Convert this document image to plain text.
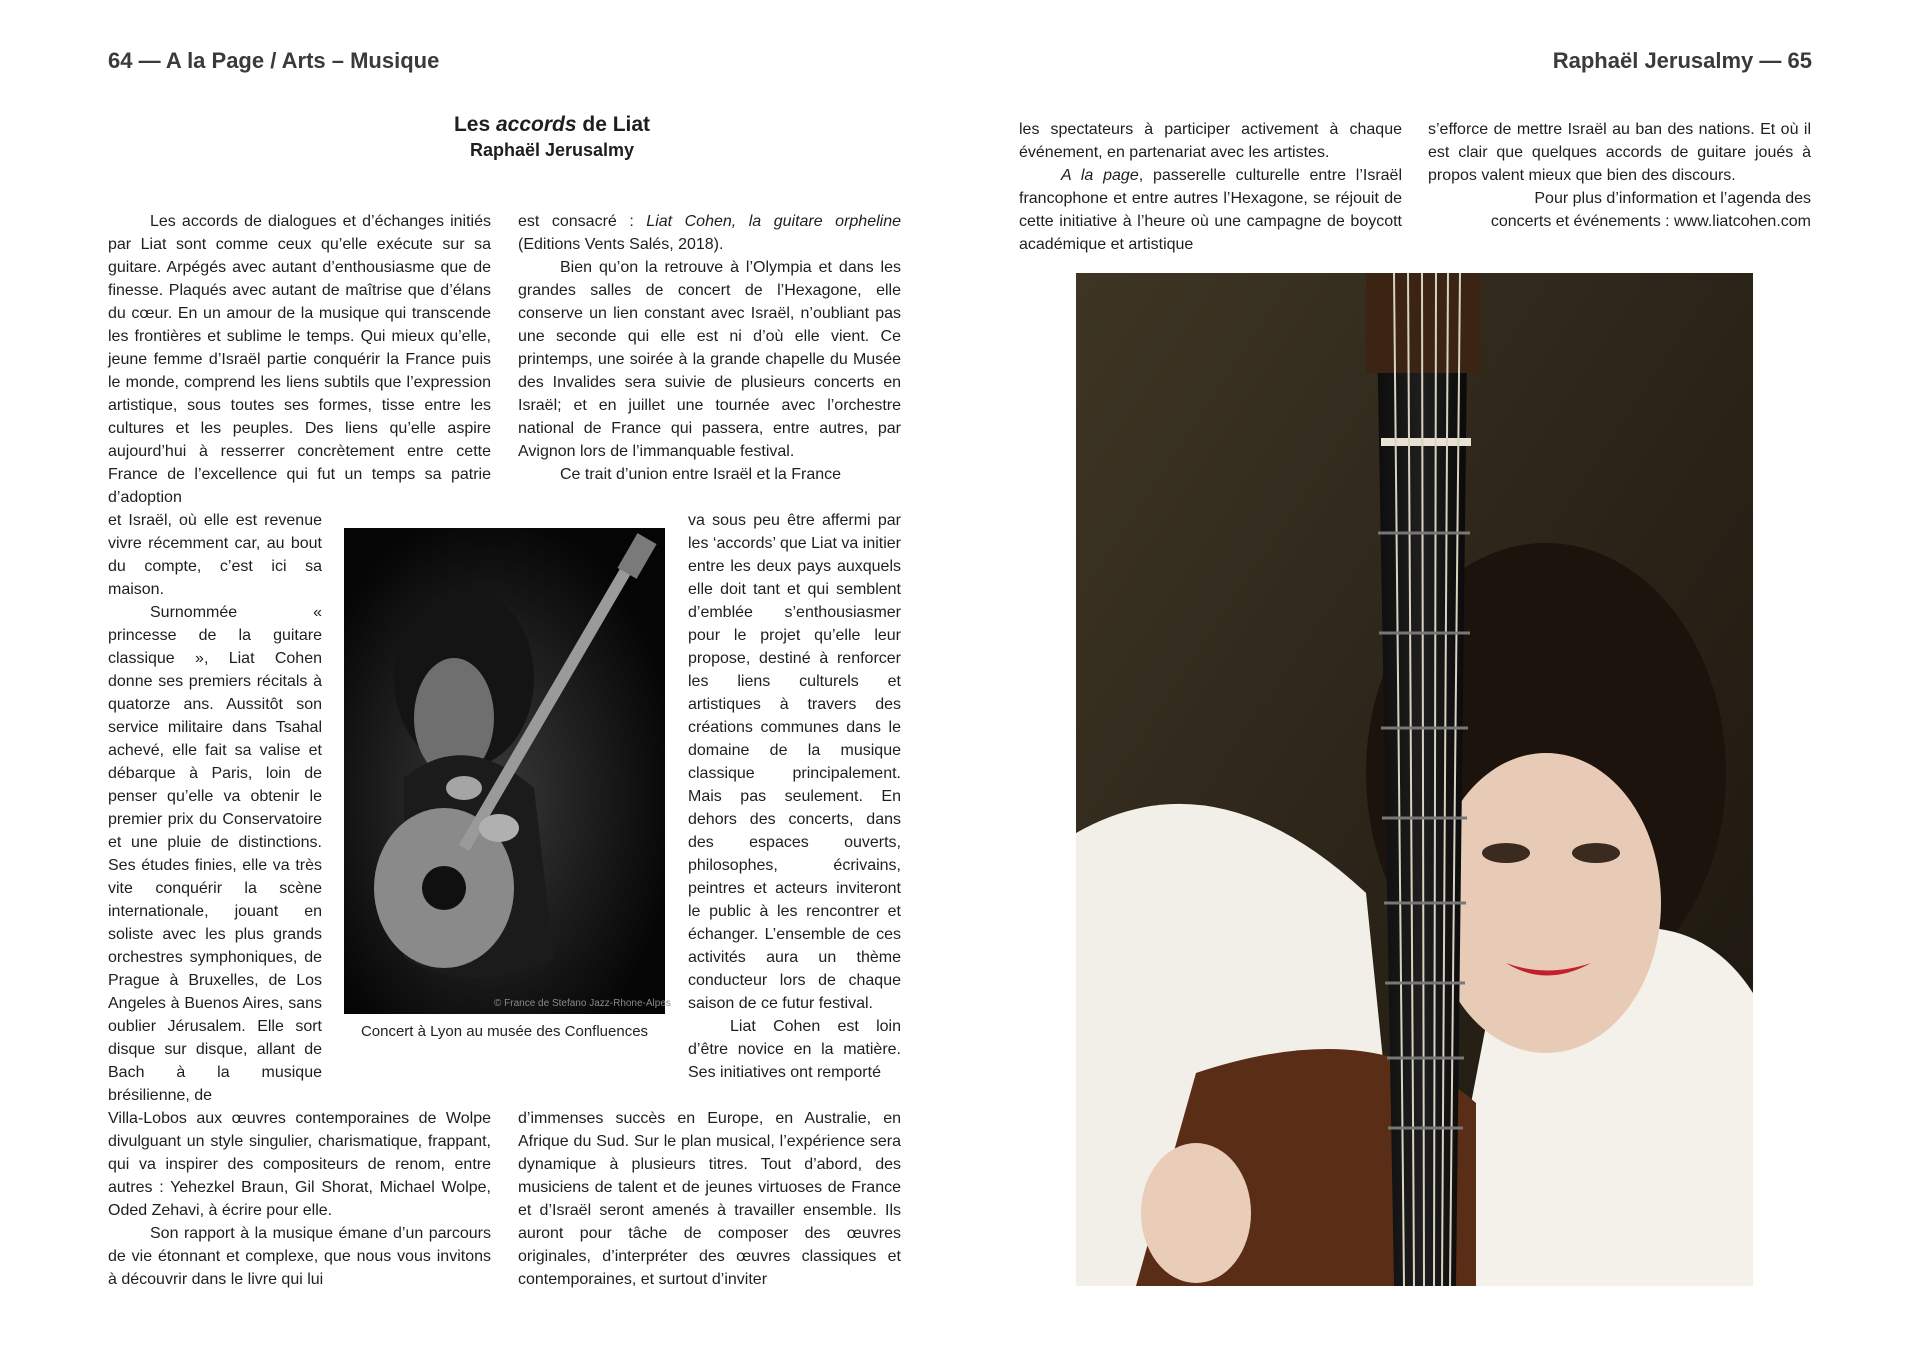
64 — A la Page / Arts – Musique	Raphaël Jerusalmy — 65
Les accords de Liat
Raphaël Jerusalmy

Les accords de dialogues et d’échanges initiés par Liat sont comme ceux qu’elle exécute sur sa guitare. Arpégés avec autant d’enthousiasme que de finesse. Plaqués avec autant de maîtrise que d’élans du cœur. En un amour de la musique qui transcende les frontières et sublime le temps. Qui mieux qu’elle, jeune femme d’Israël partie conquérir la France puis le monde, comprend les liens subtils que l’expression artistique, sous toutes ses formes, tisse entre les cultures et les peuples. Des liens qu’elle aspire aujourd’hui à resserrer concrètement entre cette France de l’excellence qui fut un temps sa patrie d’adoption

et Israël, où elle est revenue vivre récemment car, au bout du compte, c’est ici sa maison.

Surnommée « princesse de la guitare classique », Liat Cohen donne ses premiers récitals à quatorze ans. Aussitôt son service militaire dans Tsahal achevé, elle fait sa valise et débarque à Paris, loin de penser qu’elle va obtenir le premier prix du Conservatoire et une pluie de distinctions. Ses études finies, elle va très vite conquérir la scène internationale, jouant en soliste avec les plus grands orchestres symphoniques, de Prague à Bruxelles, de Los Angeles à Buenos Aires, sans oublier Jérusalem. Elle sort disque sur disque, allant de Bach à la musique brésilienne, de

Villa-Lobos aux œuvres contemporaines de Wolpe divulguant un style singulier, charismatique, frappant, qui va inspirer des compositeurs de renom, entre autres : Yehezkel Braun, Gil Shorat, Michael Wolpe, Oded Zehavi, à écrire pour elle.

Son rapport à la musique émane d’un parcours de vie étonnant et complexe, que nous vous invitons à découvrir dans le livre qui lui

est consacré : Liat Cohen, la guitare orpheline (Editions Vents Salés, 2018).

Bien qu’on la retrouve à l’Olympia et dans les grandes salles de concert de l’Hexagone, elle conserve un lien constant avec Israël, n’oubliant pas une seconde qui elle est ni d’où elle vient. Ce printemps, une soirée à la grande chapelle du Musée des Invalides sera suivie de plusieurs concerts en Israël; et en juillet une tournée avec l’orchestre national de France qui passera, entre autres, par Avignon lors de l’immanquable festival.

Ce trait d’union entre Israël et la France

va sous peu être affermi par les ‘accords’ que Liat va initier entre les deux pays auxquels elle doit tant et qui semblent d’emblée s’enthousiasmer pour le projet qu’elle leur propose, destiné à renforcer les liens culturels et artistiques à travers des créations communes dans le domaine de la musique classique principalement. Mais pas seulement. En dehors des concerts, dans des espaces ouverts, philosophes, écrivains, peintres et acteurs inviteront le public à les rencontrer et échanger. L’ensemble de ces activités aura un thème conducteur lors de chaque saison de ce futur festival.

Liat Cohen est loin d’être novice en la matière. Ses initiatives ont remporté

d’immenses succès en Europe, en Australie, en Afrique du Sud. Sur le plan musical, l’expérience sera dynamique à plusieurs titres. Tout d’abord, des musiciens de talent et de jeunes virtuoses de France et d’Israël seront amenés à travailler ensemble. Ils auront pour tâche de composer des œuvres originales, d’interpréter des œuvres classiques et contemporaines, et surtout d’inviter

les spectateurs à participer activement à chaque événement, en partenariat avec les artistes.

A la page, passerelle culturelle entre l’Israël francophone et entre autres l’Hexagone, se réjouit de cette initiative à l’heure où une campagne de boycott académique et artistique

s’efforce de mettre Israël au ban des nations. Et où il est clair que quelques accords de guitare joués à propos valent mieux que bien des discours.

Pour plus d’information et l’agenda des concerts et événements : www.liatcohen.com

© France de Stefano Jazz-Rhone-Alpes
Concert à Lyon au musée des Confluences
